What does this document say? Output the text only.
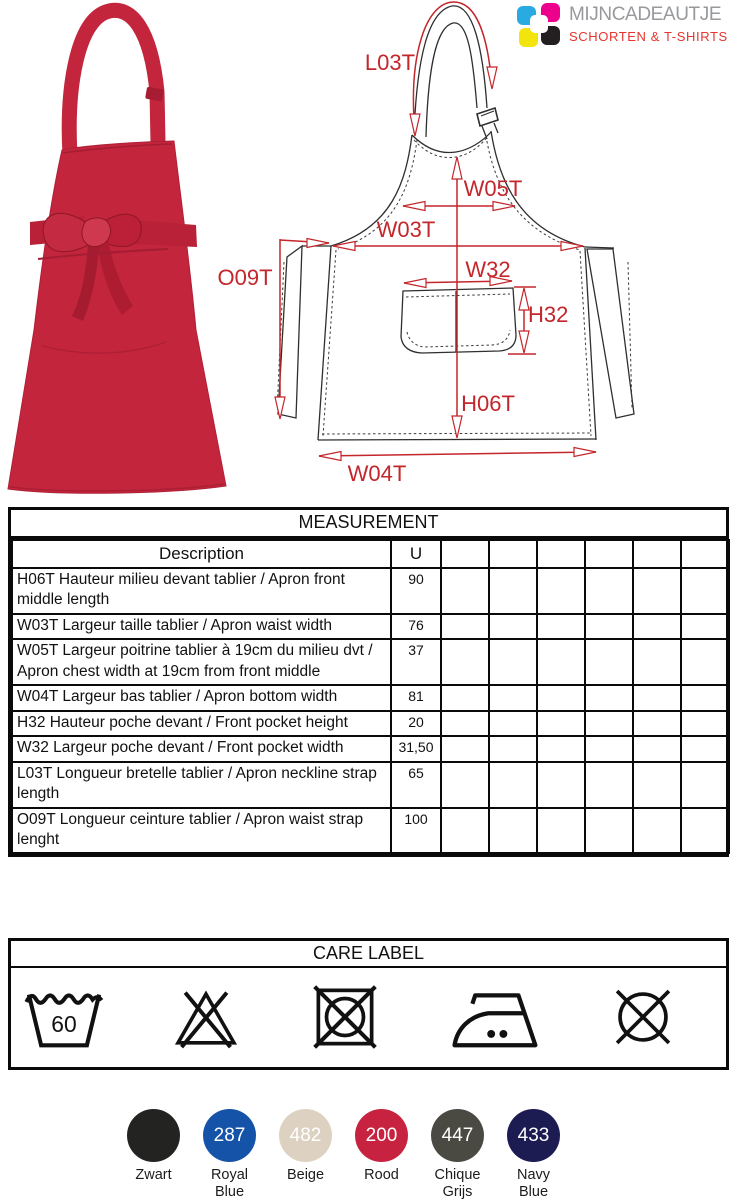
L03T
W05T
W03T
O09T	W32
H32
H06T
W04T
MIJNCADEAUTJE
SCHORTEN & T-SHIRTS
MEASUREMENT
Description	U						
H06T Hauteur milieu devant tablier / Apron front middle length	90						
W03T Largeur taille tablier / Apron waist width	76						
W05T Largeur poitrine tablier à 19cm du milieu dvt / Apron chest width at 19cm from front middle	37						
W04T Largeur bas tablier / Apron bottom width	81						
H32 Hauteur poche devant / Front pocket height	20						
W32 Largeur poche devant / Front pocket width	31,50						
L03T Longueur bretelle tablier / Apron neckline strap length	65						
O09T Longueur ceinture tablier / Apron waist strap lenght	100						
CARE LABEL
60
Zwart
287
Royal Blue
482
Beige
200
Rood
447
Chique Grijs
433
Navy Blue
